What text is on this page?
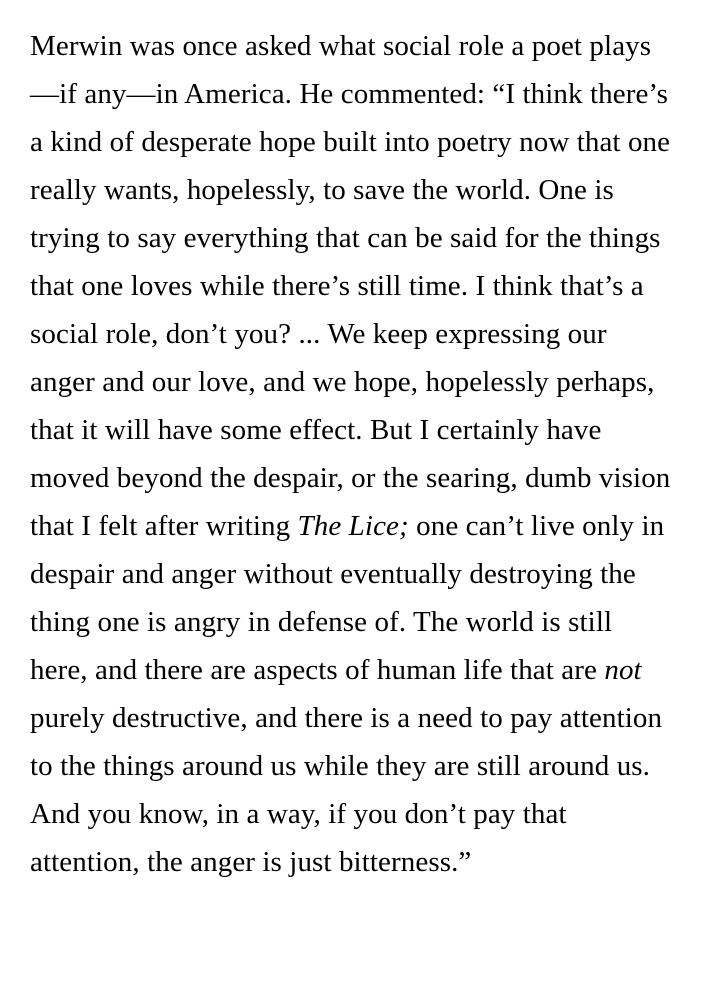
Merwin was once asked what social role a poet plays—if any—in America. He commented: “I think there’s a kind of desperate hope built into poetry now that one really wants, hopelessly, to save the world. One is trying to say everything that can be said for the things that one loves while there’s still time. I think that’s a social role, don’t you? ... We keep expressing our anger and our love, and we hope, hopelessly perhaps, that it will have some effect. But I certainly have moved beyond the despair, or the searing, dumb vision that I felt after writing The Lice; one can’t live only in despair and anger without eventually destroying the thing one is angry in defense of. The world is still here, and there are aspects of human life that are not purely destructive, and there is a need to pay attention to the things around us while they are still around us. And you know, in a way, if you don’t pay that attention, the anger is just bitterness.”
